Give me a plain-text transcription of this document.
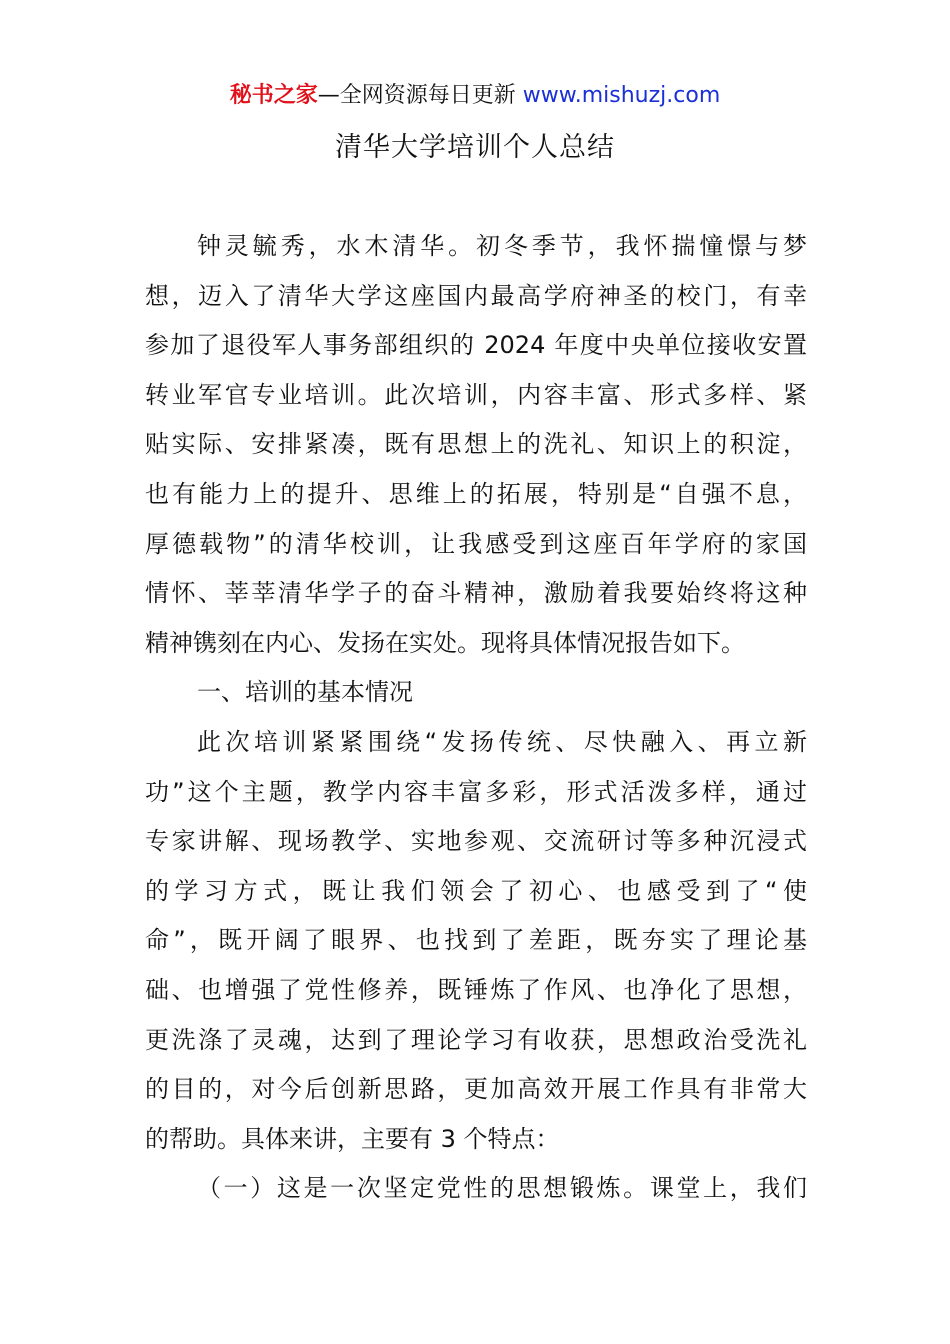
秘书之家—全网资源每日更新 www.mishuzj.com
清华大学培训个人总结
钟灵毓秀，水木清华。初冬季节，我怀揣憧憬与梦
想，迈入了清华大学这座国内最高学府神圣的校门，有幸
参加了退役军人事务部组织的 2024 年度中央单位接收安置
转业军官专业培训。此次培训，内容丰富、形式多样、紧
贴实际、安排紧凑，既有思想上的洗礼、知识上的积淀，
也有能力上的提升、思维上的拓展，特别是“自强不息，
厚德载物”的清华校训，让我感受到这座百年学府的家国
情怀、莘莘清华学子的奋斗精神，激励着我要始终将这种
精神镌刻在内心、发扬在实处。现将具体情况报告如下。
一、培训的基本情况
此次培训紧紧围绕“发扬传统、尽快融入、再立新
功”这个主题，教学内容丰富多彩，形式活泼多样，通过
专家讲解、现场教学、实地参观、交流研讨等多种沉浸式
的学习方式，既让我们领会了初心、也感受到了“使
命”，既开阔了眼界、也找到了差距，既夯实了理论基
础、也增强了党性修养，既锤炼了作风、也净化了思想，
更洗涤了灵魂，达到了理论学习有收获，思想政治受洗礼
的目的，对今后创新思路，更加高效开展工作具有非常大
的帮助。具体来讲，主要有 3 个特点：
（一）这是一次坚定党性的思想锻炼。课堂上，我们
